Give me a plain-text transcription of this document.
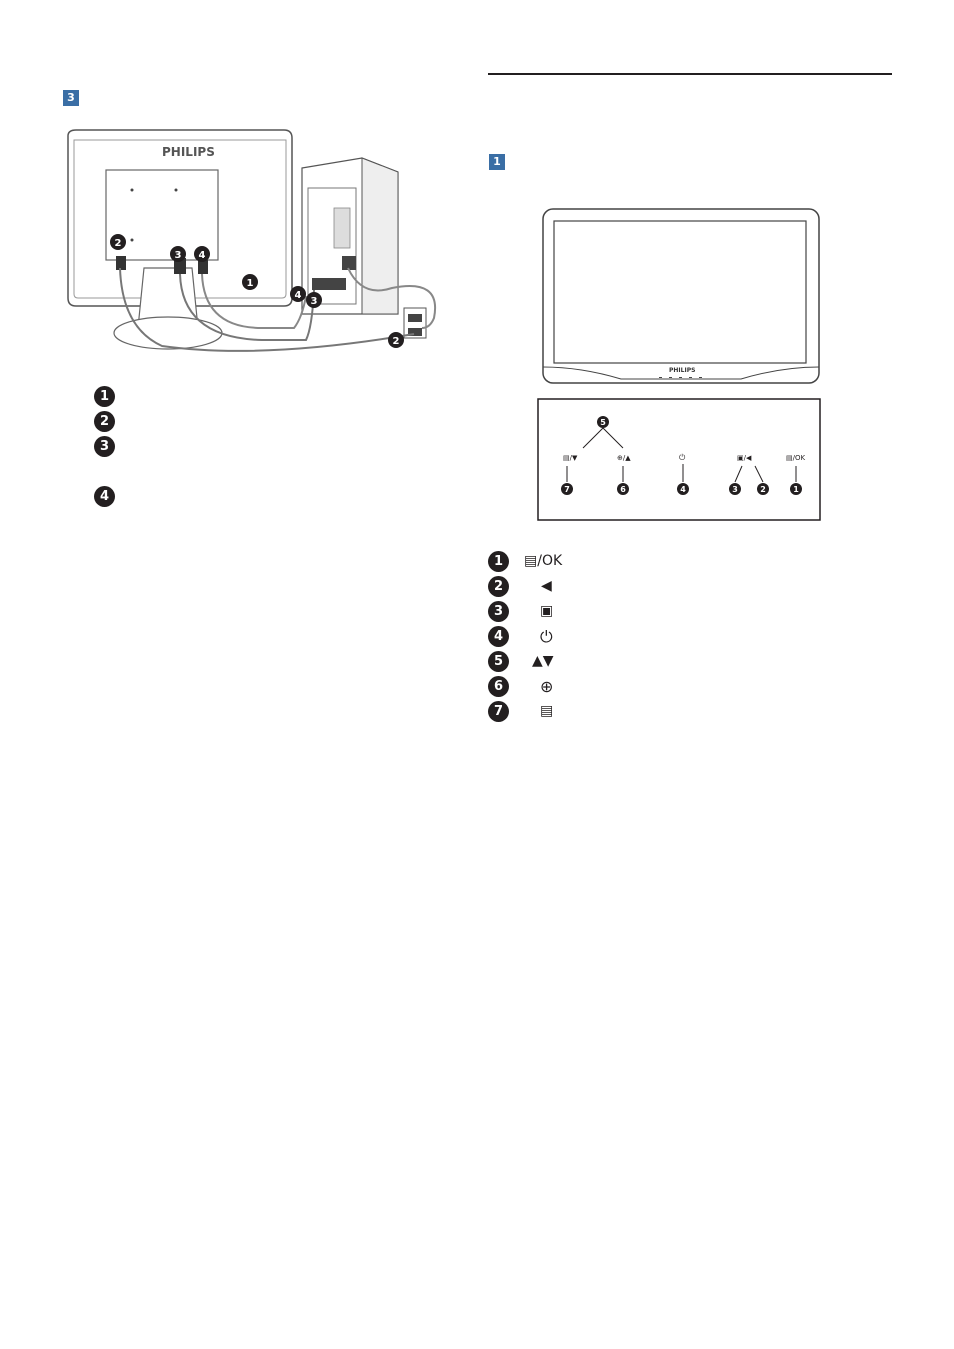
3
PHILIPS
1
2
3 4
4
3
2
1
2
3
4
1
PHILIPS
5
▤/▼	⊕/▲	⏻	▣/◀	▤/OK
7	6	4	3	2	1
1	▤/OK
2	◀
3	▣
4	⏻
5	▲▼
6	⊕
7	▤
